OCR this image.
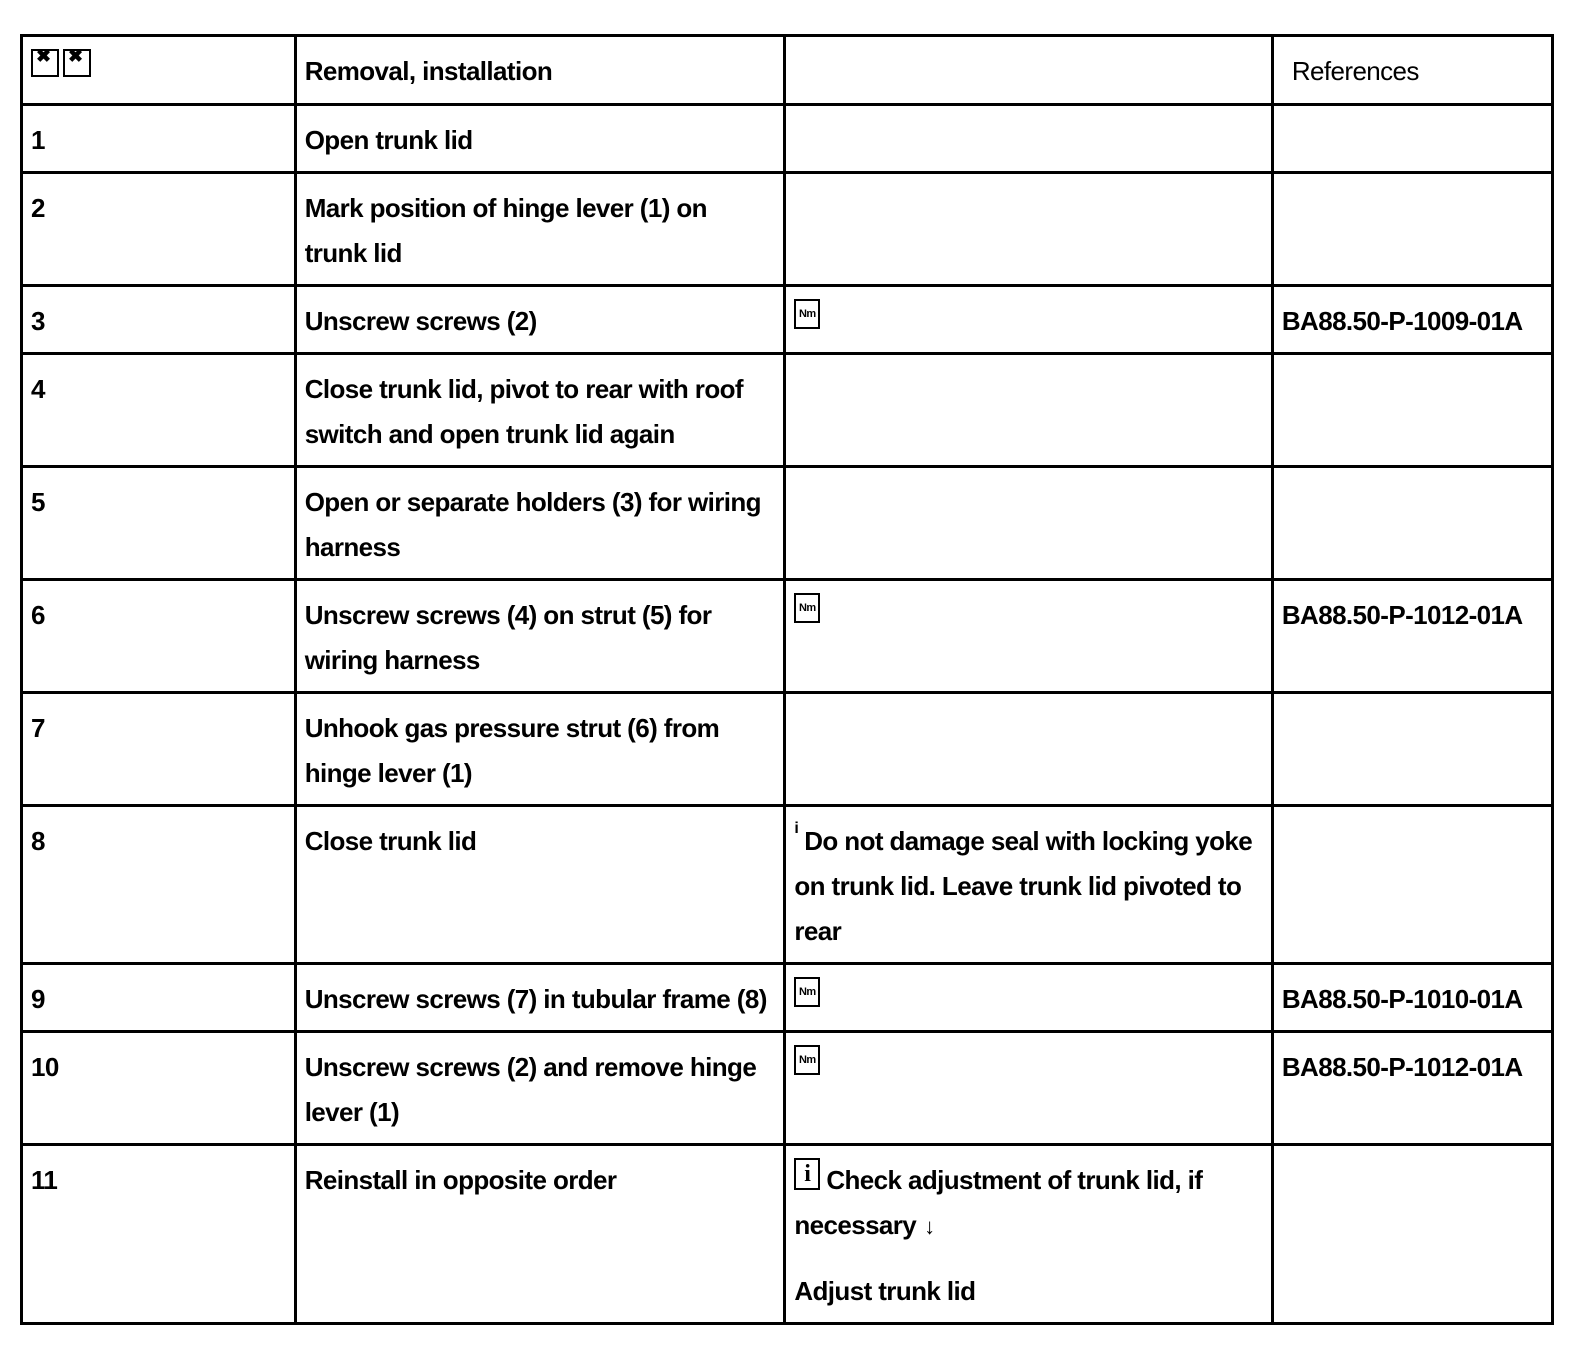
✖
✖
	Removal, installation		References
1	Open trunk lid		
2	Mark position of hinge lever (1) on trunk lid		
3	Unscrew screws (2)	Nm	BA88.50-P-1009-01A
4	Close trunk lid, pivot to rear with roof switch and open trunk lid again		
5	Open or separate holders (3) for wiring harness		
6	Unscrew screws (4) on strut (5) for wiring harness	Nm	BA88.50-P-1012-01A
7	Unhook gas pressure strut (6) from hinge lever (1)		
8	Close trunk lid	i Do not damage seal with locking yoke on trunk lid. Leave trunk lid pivoted to rear	
9	Unscrew screws (7) in tubular frame (8)	Nm	BA88.50-P-1010-01A
10	Unscrew screws (2) and remove hinge lever (1)	Nm	BA88.50-P-1012-01A
11	Reinstall in opposite order	i Check adjustment of trunk lid, if necessary ↓
Adjust trunk lid	
